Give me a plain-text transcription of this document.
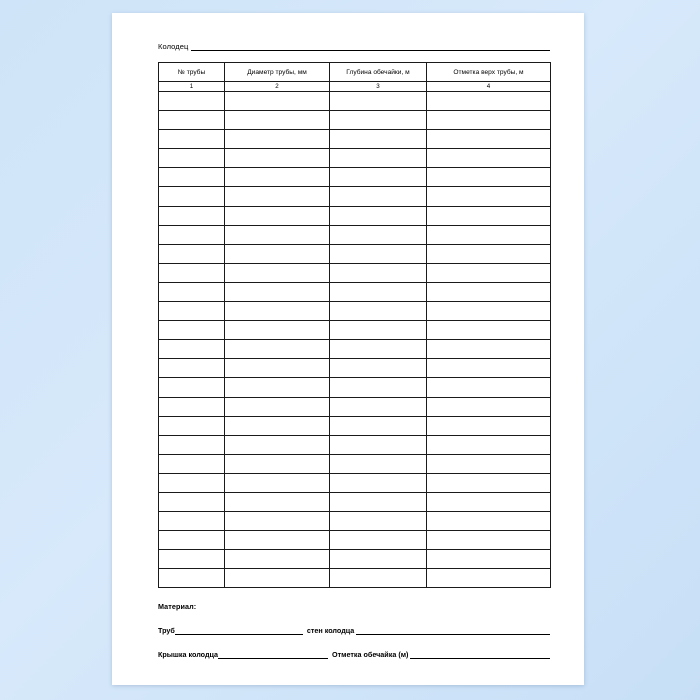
Колодец
№ трубы	Диаметр трубы, мм	Глубина обечайки, м	Отметка верх трубы, м
1	2	3	4

Материал:
Труб	стен колодца
Крышка колодца	Отметка обечайка (м)
